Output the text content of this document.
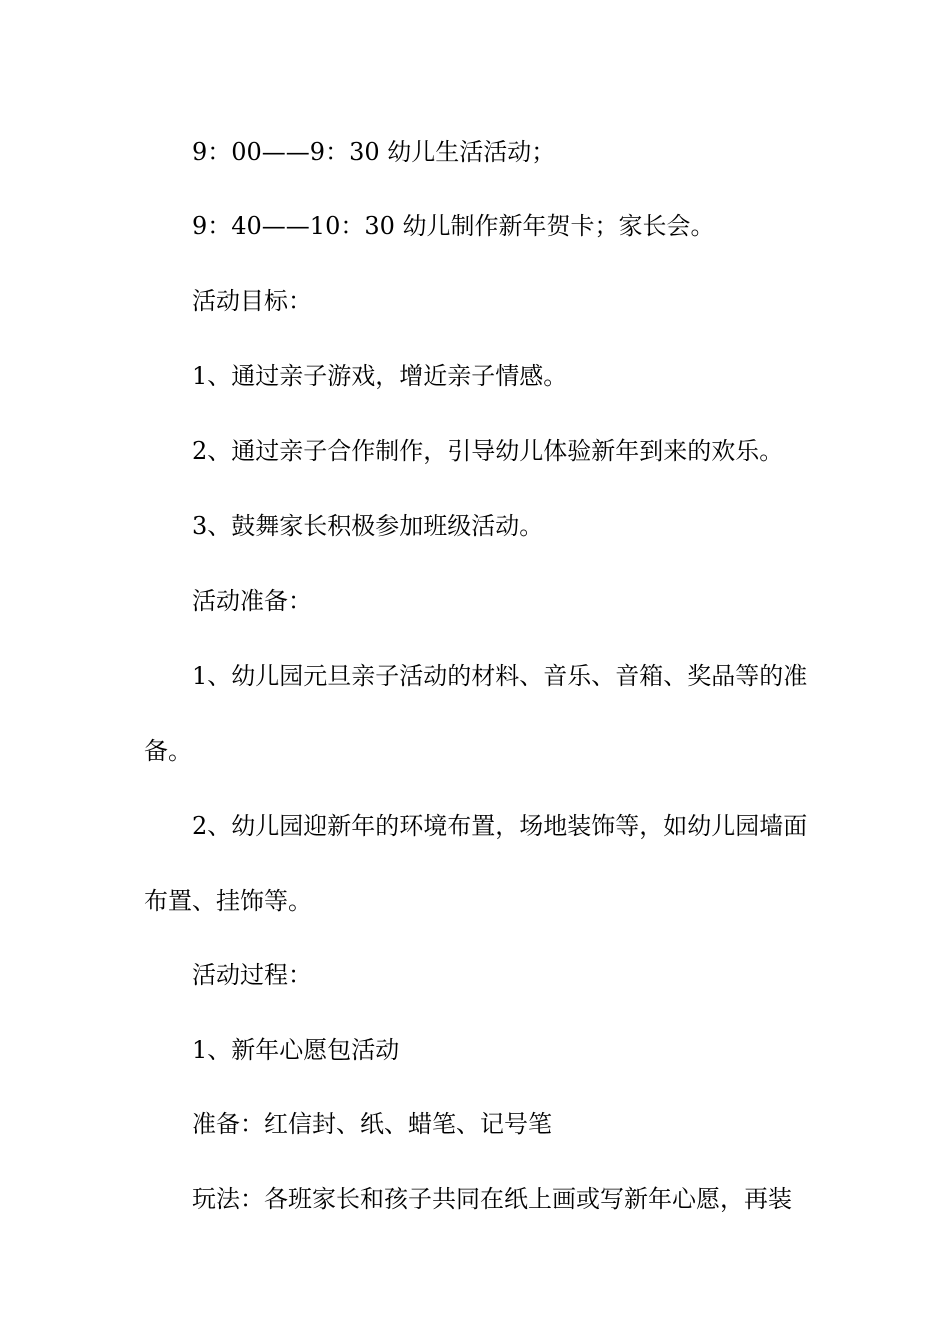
9：00——9：30 幼儿生活活动；

9：40——10：30 幼儿制作新年贺卡；家长会。

活动目标：

1、通过亲子游戏，增近亲子情感。

2、通过亲子合作制作，引导幼儿体验新年到来的欢乐。

3、鼓舞家长积极参加班级活动。

活动准备：

1、幼儿园元旦亲子活动的材料、音乐、音箱、奖品等的准

备。

2、幼儿园迎新年的环境布置，场地装饰等，如幼儿园墙面

布置、挂饰等。

活动过程：

1、新年心愿包活动

准备：红信封、纸、蜡笔、记号笔

玩法：各班家长和孩子共同在纸上画或写新年心愿，再装
